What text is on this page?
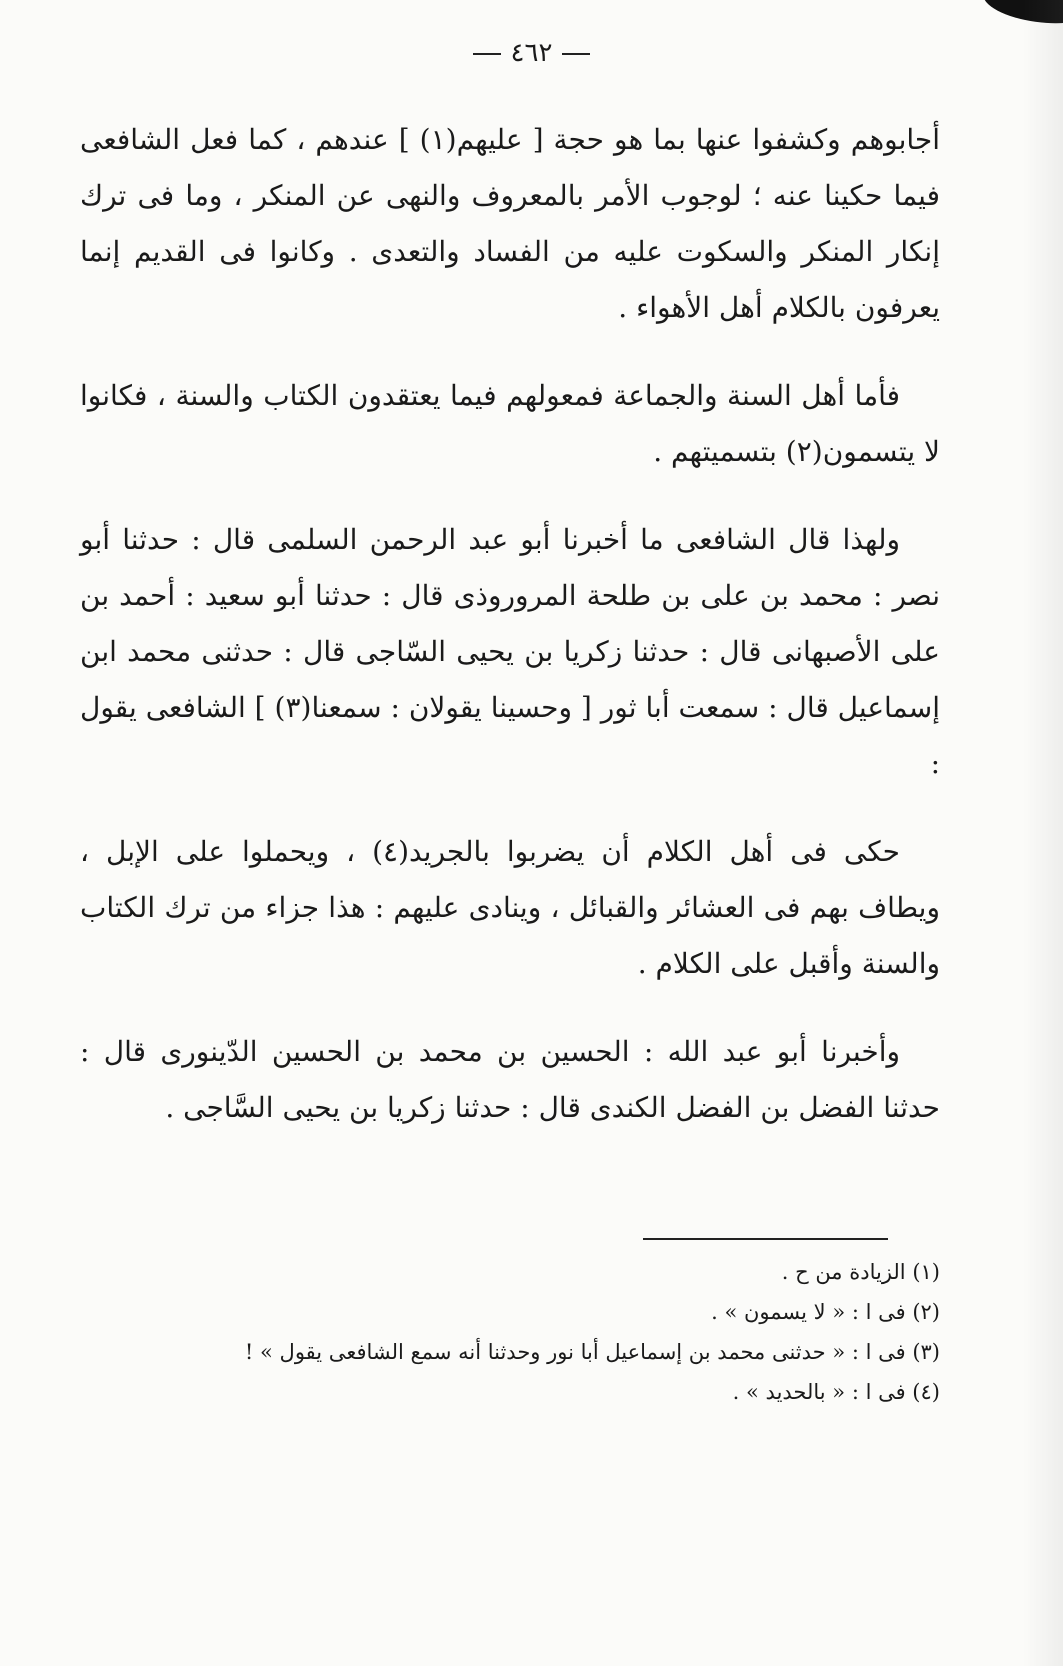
٤٦٢

أجابوهم وكشفوا عنها بما هو حجة [ عليهم(١) ] عندهم ، كما فعل الشافعى فيما حكينا عنه ؛ لوجوب الأمر بالمعروف والنهى عن المنكر ، وما فى ترك إنكار المنكر والسكوت عليه من الفساد والتعدى . وكانوا فى القديم إنما يعرفون بالكلام أهل الأهواء .

فأما أهل السنة والجماعة فمعولهم فيما يعتقدون الكتاب والسنة ، فكانوا لا يتسمون(٢) بتسميتهم .

ولهذا قال الشافعى ما أخبرنا أبو عبد الرحمن السلمى قال : حدثنا أبو نصر : محمد بن على بن طلحة المروروذى قال : حدثنا أبو سعيد : أحمد بن على الأصبهانى قال : حدثنا زكريا بن يحيى السّاجى قال : حدثنى محمد ابن إسماعيل قال : سمعت أبا ثور [ وحسينا يقولان : سمعنا(٣) ] الشافعى يقول :

حكى فى أهل الكلام أن يضربوا بالجريد(٤) ، ويحملوا على الإبل ، ويطاف بهم فى العشائر والقبائل ، وينادى عليهم : هذا جزاء من ترك الكتاب والسنة وأقبل على الكلام .

وأخبرنا أبو عبد الله : الحسين بن محمد بن الحسين الدّينورى قال : حدثنا الفضل بن الفضل الكندى قال : حدثنا زكريا بن يحيى السَّاجى .

(١) الزيادة من ح .
(٢) فى ا : « لا يسمون » .
(٣) فى ا : « حدثنى محمد بن إسماعيل أبا نور وحدثنا أنه سمع الشافعى يقول » !
(٤) فى ا : « بالحديد » .
